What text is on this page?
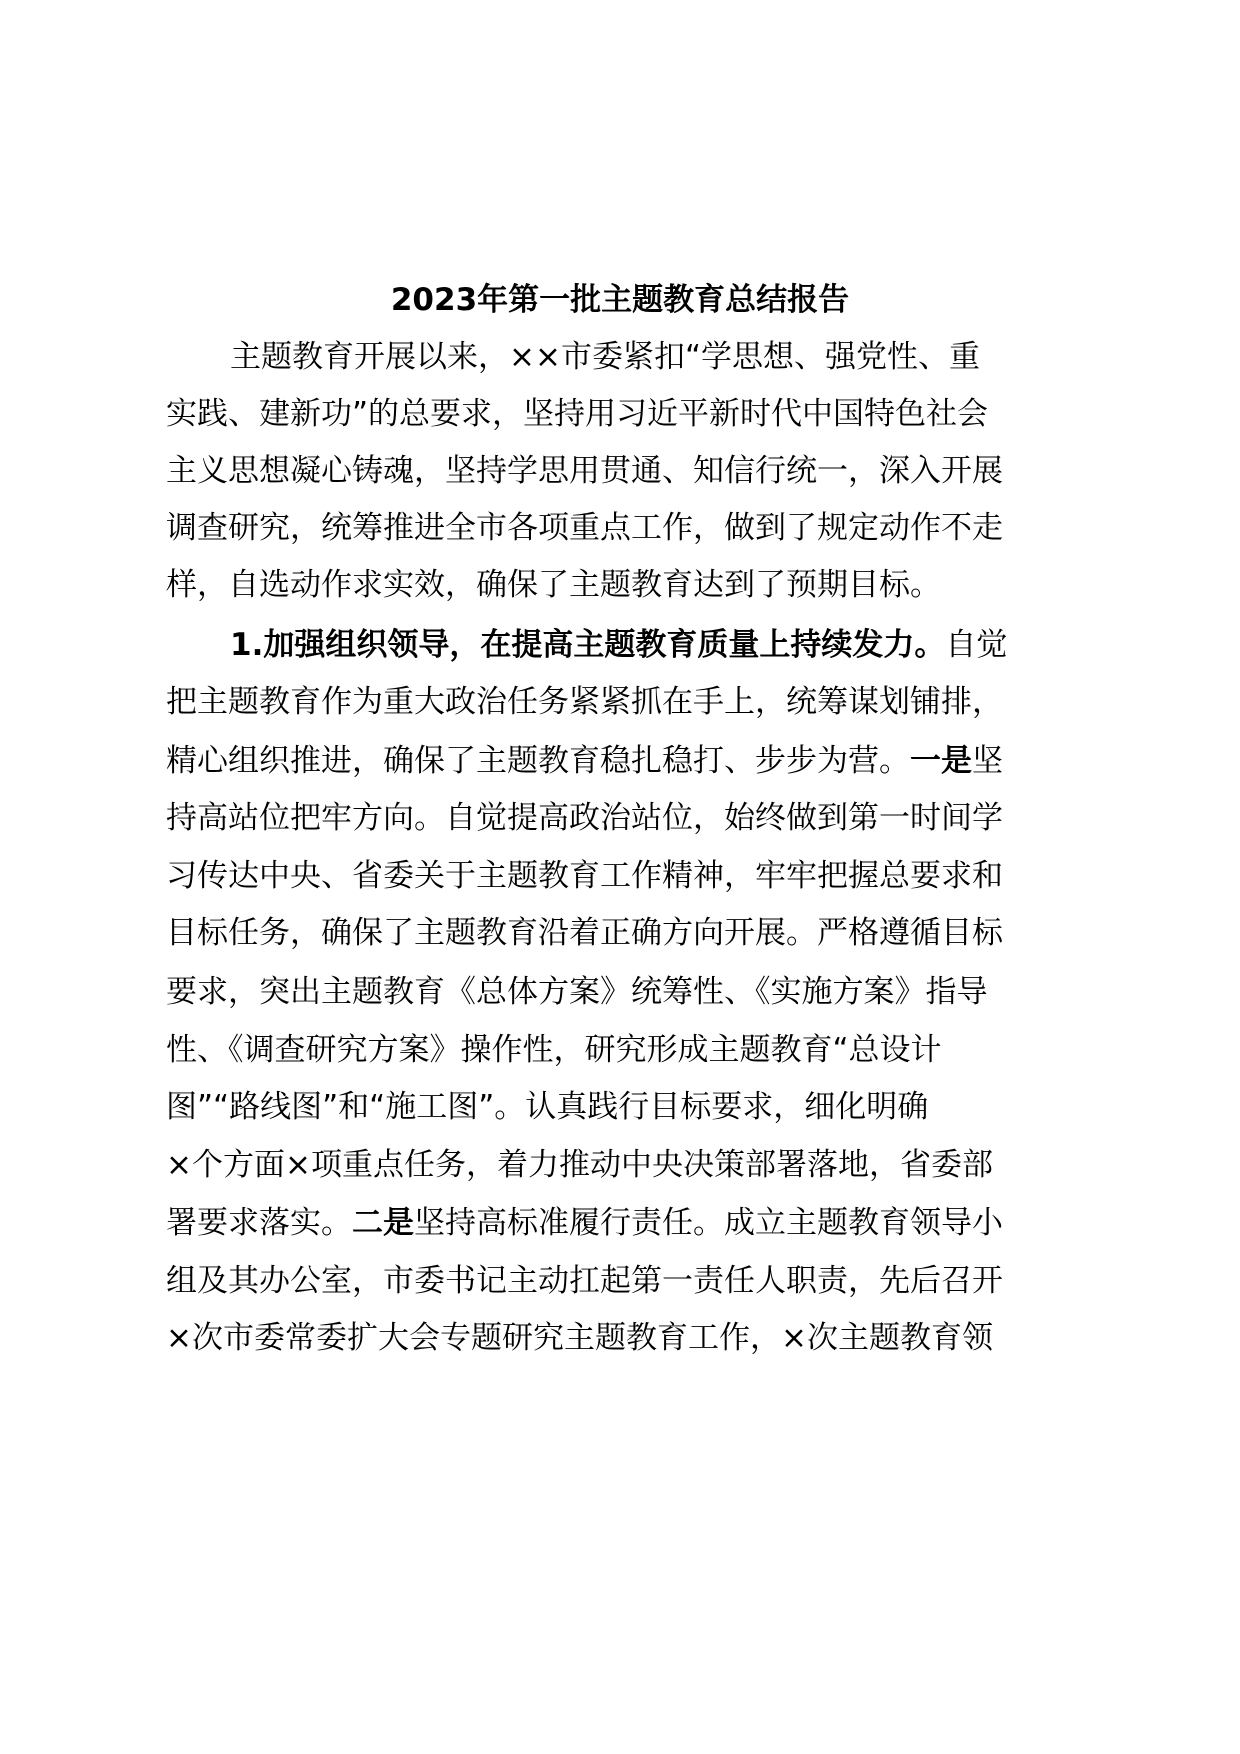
2023年第一批主题教育总结报告
主题教育开展以来，××市委紧扣“学思想、强党性、重
实践、建新功”的总要求，坚持用习近平新时代中国特色社会
主义思想凝心铸魂，坚持学思用贯通、知信行统一，深入开展
调查研究，统筹推进全市各项重点工作，做到了规定动作不走
样，自选动作求实效，确保了主题教育达到了预期目标。
1.加强组织领导，在提高主题教育质量上持续发力。自觉
把主题教育作为重大政治任务紧紧抓在手上，统筹谋划铺排，
精心组织推进，确保了主题教育稳扎稳打、步步为营。一是坚
持高站位把牢方向。自觉提高政治站位，始终做到第一时间学
习传达中央、省委关于主题教育工作精神，牢牢把握总要求和
目标任务，确保了主题教育沿着正确方向开展。严格遵循目标
要求，突出主题教育《总体方案》统筹性、《实施方案》指导
性、《调查研究方案》操作性，研究形成主题教育“总设计
图”“路线图”和“施工图”。认真践行目标要求，细化明确
×个方面×项重点任务，着力推动中央决策部署落地，省委部
署要求落实。二是坚持高标准履行责任。成立主题教育领导小
组及其办公室，市委书记主动扛起第一责任人职责，先后召开
×次市委常委扩大会专题研究主题教育工作，×次主题教育领
